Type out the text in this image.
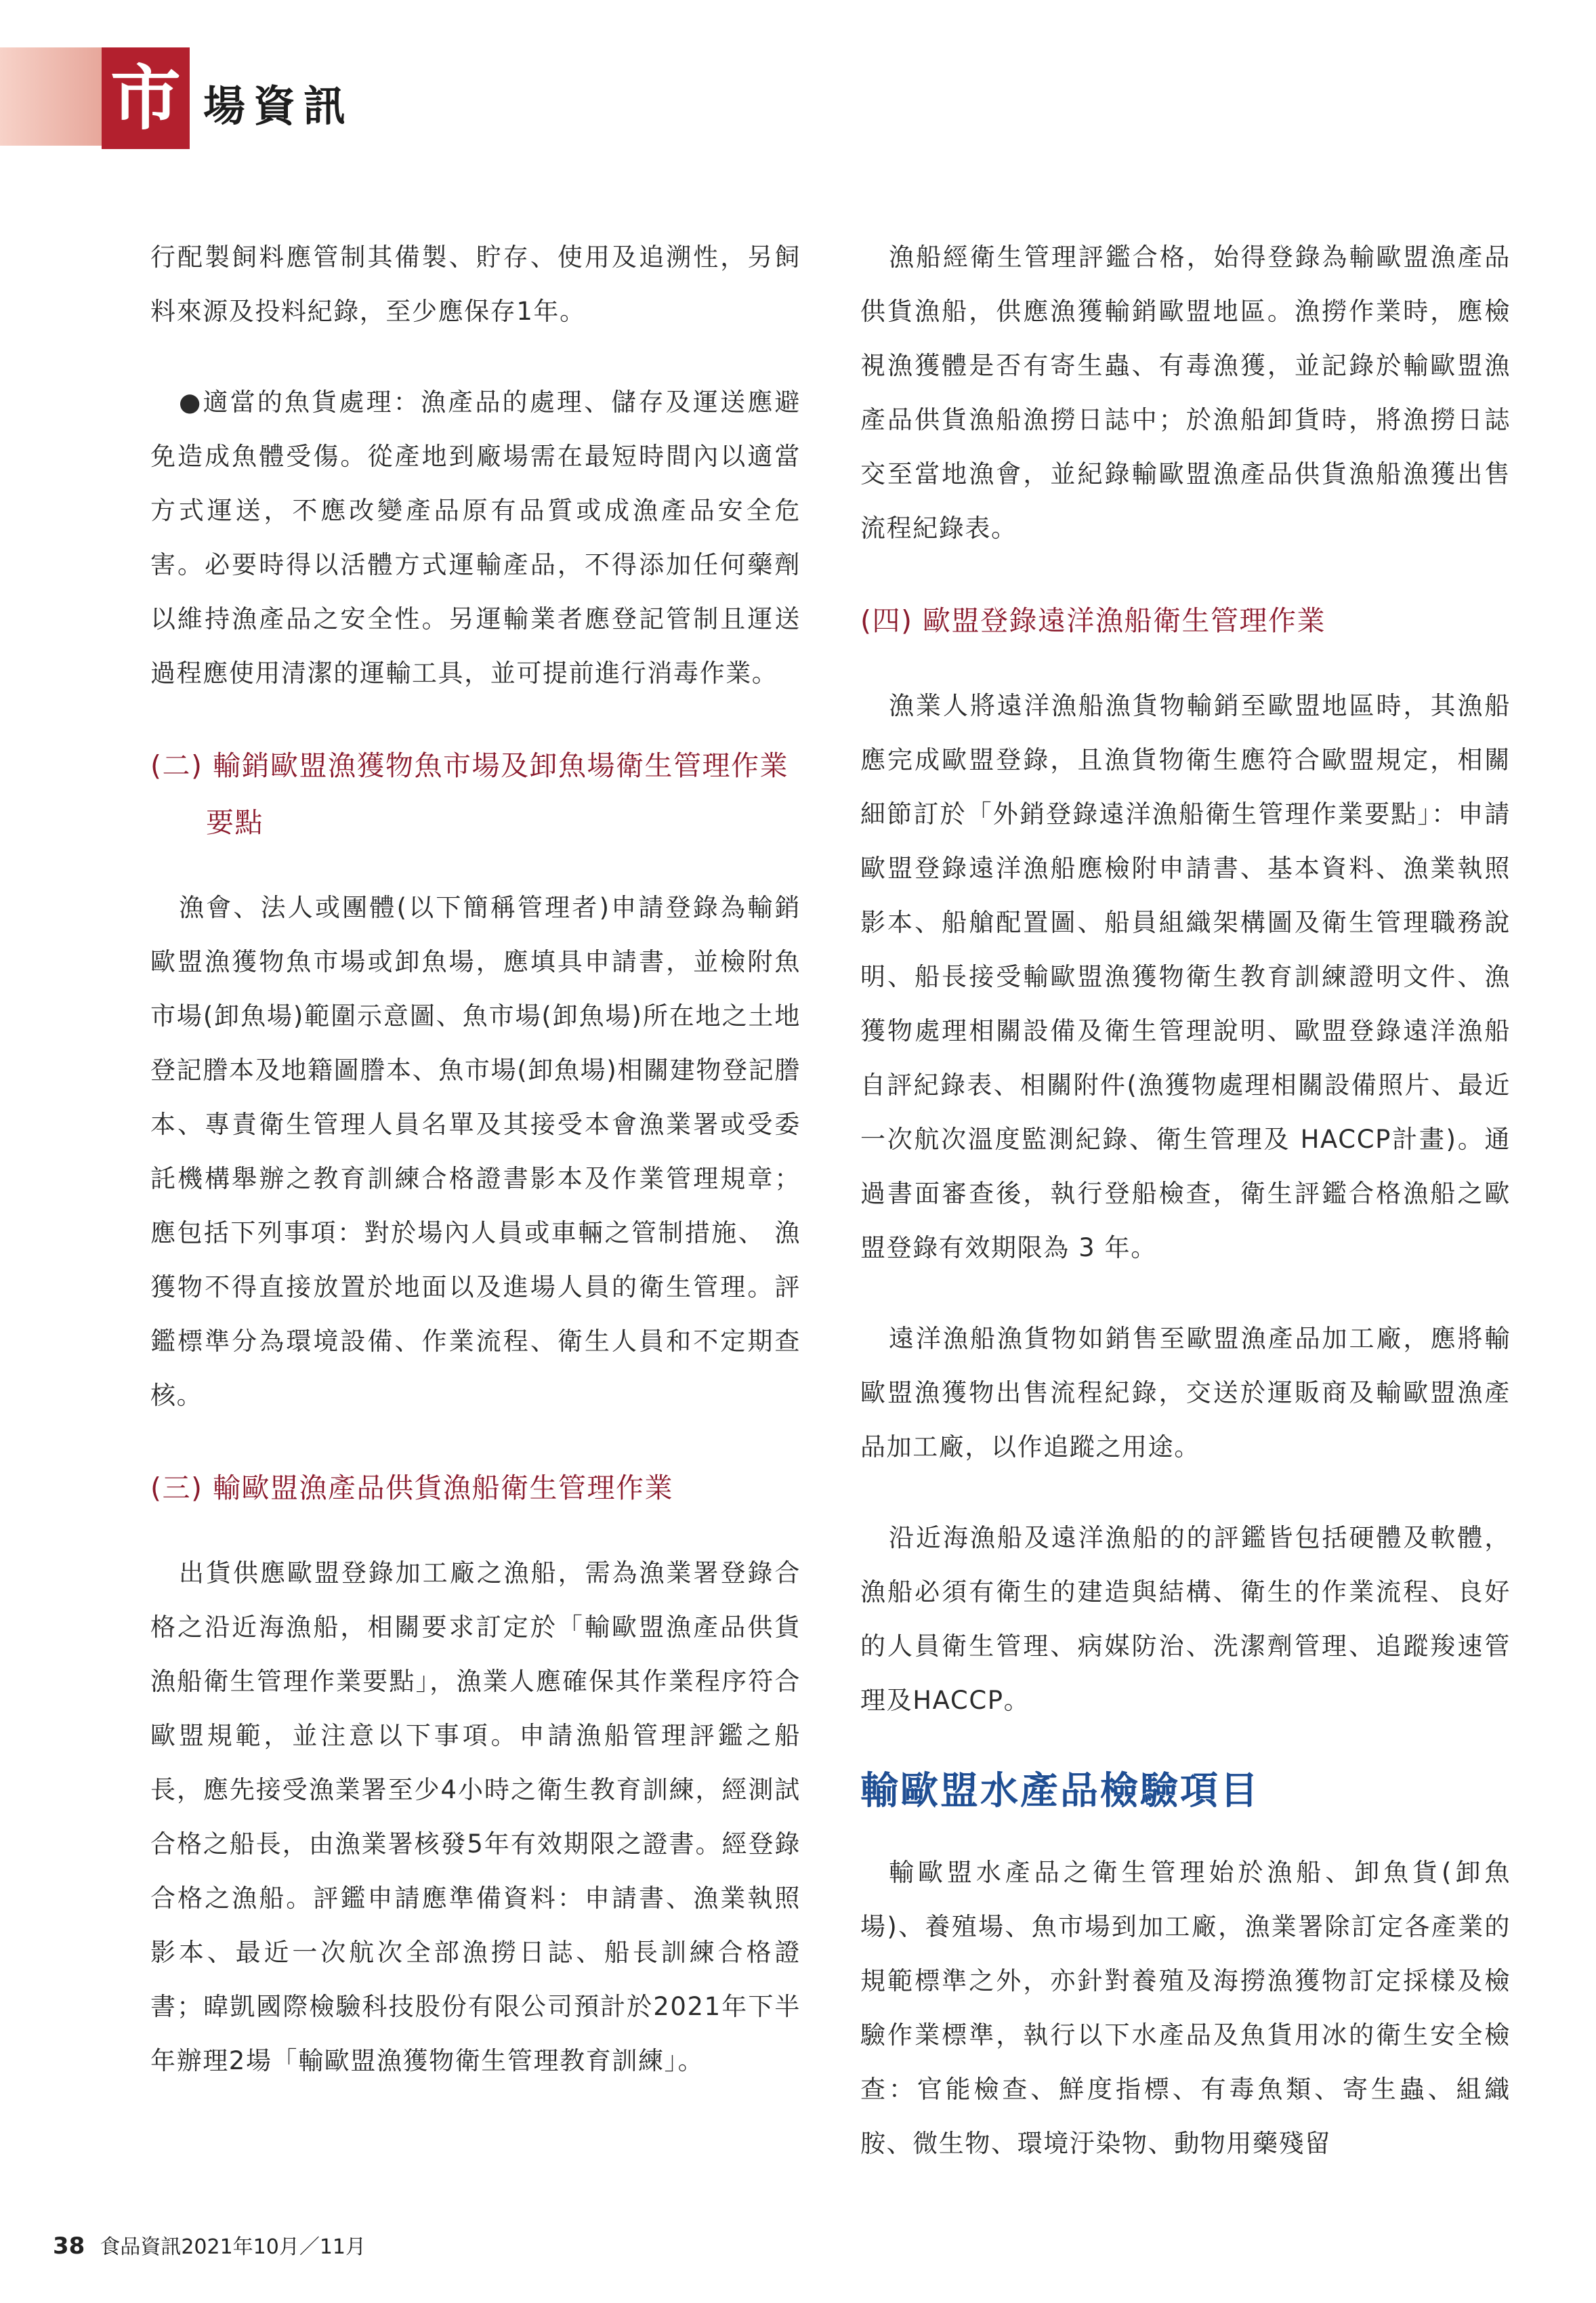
市 場資訊

行配製飼料應管制其備製、貯存、使用及追溯性，另飼料來源及投料紀錄，至少應保存1年。

●適當的魚貨處理：漁產品的處理、儲存及運送應避免造成魚體受傷。從產地到廠場需在最短時間內以適當方式運送，不應改變產品原有品質或成漁產品安全危害。必要時得以活體方式運輸產品，不得添加任何藥劑以維持漁產品之安全性。另運輸業者應登記管制且運送過程應使用清潔的運輸工具，並可提前進行消毒作業。

(二) 輸銷歐盟漁獲物魚市場及卸魚場衛生管理作業要點

漁會、法人或團體(以下簡稱管理者)申請登錄為輸銷歐盟漁獲物魚市場或卸魚場，應填具申請書，並檢附魚市場(卸魚場)範圍示意圖、魚市場(卸魚場)所在地之土地登記謄本及地籍圖謄本、魚市場(卸魚場)相關建物登記謄本、專責衛生管理人員名單及其接受本會漁業署或受委託機構舉辦之教育訓練合格證書影本及作業管理規章；應包括下列事項：對於場內人員或車輛之管制措施、 漁獲物不得直接放置於地面以及進場人員的衛生管理。評鑑標準分為環境設備、作業流程、衛生人員和不定期查核。

(三) 輸歐盟漁產品供貨漁船衛生管理作業

出貨供應歐盟登錄加工廠之漁船，需為漁業署登錄合格之沿近海漁船，相關要求訂定於「輸歐盟漁產品供貨漁船衛生管理作業要點」，漁業人應確保其作業程序符合歐盟規範，並注意以下事項。申請漁船管理評鑑之船長，應先接受漁業署至少4小時之衛生教育訓練，經測試合格之船長，由漁業署核發5年有效期限之證書。經登錄合格之漁船。評鑑申請應準備資料：申請書、漁業執照影本、最近一次航次全部漁撈日誌、船長訓練合格證書；暐凱國際檢驗科技股份有限公司預計於2021年下半年辦理2場「輸歐盟漁獲物衛生管理教育訓練」。

漁船經衛生管理評鑑合格，始得登錄為輸歐盟漁產品供貨漁船，供應漁獲輸銷歐盟地區。漁撈作業時，應檢視漁獲體是否有寄生蟲、有毒漁獲，並記錄於輸歐盟漁產品供貨漁船漁撈日誌中；於漁船卸貨時，將漁撈日誌交至當地漁會，並紀錄輸歐盟漁產品供貨漁船漁獲出售流程紀錄表。

(四) 歐盟登錄遠洋漁船衛生管理作業

漁業人將遠洋漁船漁貨物輸銷至歐盟地區時，其漁船應完成歐盟登錄，且漁貨物衛生應符合歐盟規定，相關細節訂於「外銷登錄遠洋漁船衛生管理作業要點」：申請歐盟登錄遠洋漁船應檢附申請書、基本資料、漁業執照影本、船艙配置圖、船員組織架構圖及衛生管理職務說明、船長接受輸歐盟漁獲物衛生教育訓練證明文件、漁獲物處理相關設備及衛生管理說明、歐盟登錄遠洋漁船自評紀錄表、相關附件(漁獲物處理相關設備照片、最近一次航次溫度監測紀錄、衛生管理及 HACCP計畫)。通過書面審查後，執行登船檢查，衛生評鑑合格漁船之歐盟登錄有效期限為 3 年。

遠洋漁船漁貨物如銷售至歐盟漁產品加工廠，應將輸歐盟漁獲物出售流程紀錄，交送於運販商及輸歐盟漁產品加工廠，以作追蹤之用途。

沿近海漁船及遠洋漁船的的評鑑皆包括硬體及軟體，漁船必須有衛生的建造與結構、衛生的作業流程、良好的人員衛生管理、病媒防治、洗潔劑管理、追蹤羧速管理及HACCP。

輸歐盟水產品檢驗項目

輸歐盟水產品之衛生管理始於漁船、卸魚貨(卸魚場)、養殖場、魚市場到加工廠，漁業署除訂定各產業的規範標準之外，亦針對養殖及海撈漁獲物訂定採樣及檢驗作業標準，執行以下水產品及魚貨用冰的衛生安全檢查：官能檢查、鮮度指標、有毒魚類、寄生蟲、組織胺、微生物、環境汙染物、動物用藥殘留

38 食品資訊2021年10月／11月
